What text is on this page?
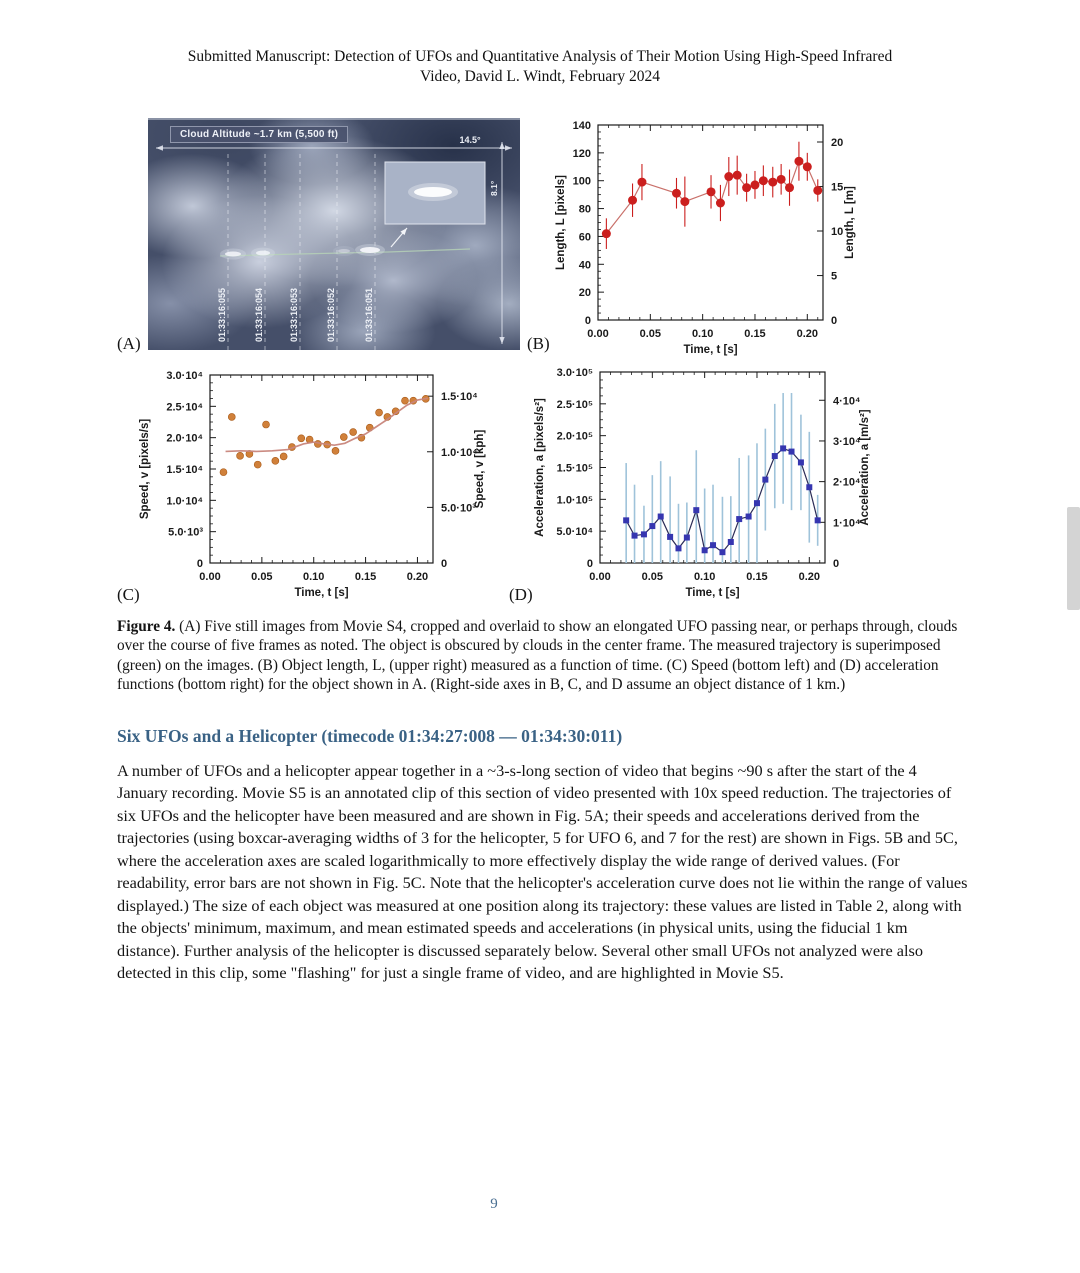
Submitted Manuscript: Detection of UFOs and Quantitative Analysis of Their Motion Using High-Speed Infrared
Video, David L. Windt, February 2024
Cloud Altitude ~1.7 km (5,500 ft)	14.5°
8.1°
01:33:16:055	01:33:16:054	01:33:16:053	01:33:16:052	01:33:16:051
(A)	(B)
(C)	(D)
0.00	0.05	0.10	0.15	0.20
0
20
40
60
80
100
120
140
0
5
10
15
20
Time, t [s]
Length, L [pixels]	Length, L [m]
0.00	0.05	0.10	0.15	0.20
0
5.0·10³
1.0·10⁴
1.5·10⁴
2.0·10⁴
2.5·10⁴
3.0·10⁴
0
5.0·10³
1.0·10⁴
1.5·10⁴
Time, t [s]
Speed, v [pixels/s]	Speed, v [kph]
0.00	0.05	0.10	0.15	0.20
0
5.0·10⁴
1.0·10⁵
1.5·10⁵
2.0·10⁵
2.5·10⁵
3.0·10⁵
0
1·10⁴
2·10⁴
3·10⁴
4·10⁴
Time, t [s]
Acceleration, a [pixels/s²]	Acceleration, a [m/s²]
Figure 4. (A) Five still images from Movie S4, cropped and overlaid to show an elongated UFO passing near, or perhaps through, clouds over the course of five frames as noted. The object is obscured by clouds in the center frame. The measured trajectory is superimposed (green) on the images. (B) Object length, L, (upper right) measured as a function of time. (C) Speed (bottom left) and (D) acceleration functions (bottom right) for the object shown in A. (Right-side axes in B, C, and D assume an object distance of 1 km.)
Six UFOs and a Helicopter (timecode 01:34:27:008 — 01:34:30:011)
A number of UFOs and a helicopter appear together in a ~3-s-long section of video that begins ~90 s after the start of the 4 January recording. Movie S5 is an annotated clip of this section of video presented with 10x speed reduction. The trajectories of six UFOs and the helicopter have been measured and are shown in Fig. 5A; their speeds and accelerations derived from the trajectories (using boxcar-averaging widths of 3 for the helicopter, 5 for UFO 6, and 7 for the rest) are shown in Figs. 5B and 5C, where the acceleration axes are scaled logarithmically to more effectively display the wide range of derived values. (For readability, error bars are not shown in Fig. 5C. Note that the helicopter's acceleration curve does not lie within the range of values displayed.) The size of each object was measured at one position along its trajectory: these values are listed in Table 2, along with the objects' minimum, maximum, and mean estimated speeds and accelerations (in physical units, using the fiducial 1 km distance). Further analysis of the helicopter is discussed separately below. Several other small UFOs not analyzed were also detected in this clip, some "flashing" for just a single frame of video, and are highlighted in Movie S5.
9
